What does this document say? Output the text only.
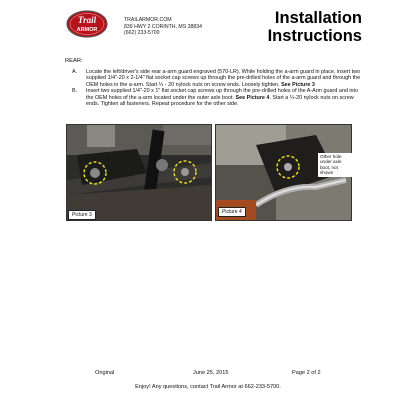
Trail
ARMOR
TRAILARMOR.COM
839 HWY 2 CORINTH, MS 38834
(662) 233-5700
Installation
Instructions
REAR:
A. Locate the left/driver's side rear a-arm guard engraved (570-LR). While holding the a-arm guard in place, insert two supplied 1/4"-20 x 2-1/4" flat socket cap screws up through the pre-drilled holes of the a-arm guard and through the OEM holes in the a-arm. Start ¼ - 20 nylock nuts on screw ends. Loosely tighten. See Picture 3
B. Insert two supplied 1/4"-20 x 1" flat socket cap screws up through the pre-drilled holes of the A-Arm guard and into the OEM holes of the a-arm located under the outer axle boot. See Picture 4. Start a ¼-20 nylock nuts on screw ends. Tighten all fasteners. Repeat procedure for the other side.
Picture 3	Picture 4
Other hole
under axle
boot, not
shown
Original	June 25, 2015	Page 2 of 2
Enjoy! Any questions, contact Trail Armor at 662-233-5700.
